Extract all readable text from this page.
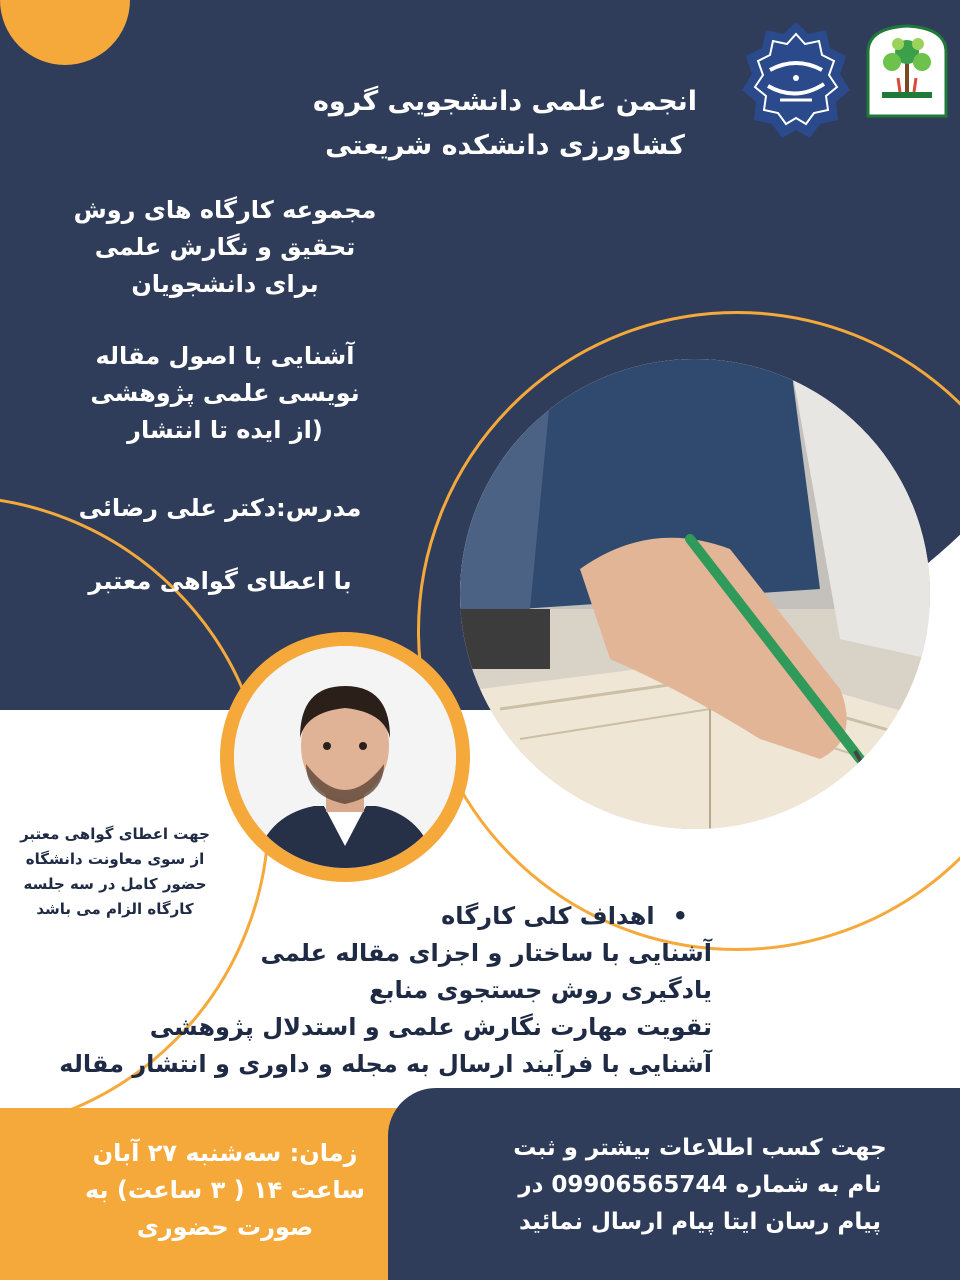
انجمن علمی دانشجویی گروه
کشاورزی دانشکده شریعتی
مجموعه کارگاه های روش
تحقیق و نگارش علمی
برای دانشجویان
آشنایی با اصول مقاله
نویسی علمی پژوهشی
(از ایده تا انتشار
مدرس:دکتر علی رضائی
با اعطای گواهی معتبر
جهت اعطای گواهی معتبر
از سوی معاونت دانشگاه
حضور کامل در سه جلسه
کارگاه الزام می باشد	•اهداف کلی کارگاه
آشنایی با ساختار و اجزای مقاله علمی
یادگیری روش جستجوی منابع
تقویت مهارت نگارش علمی و استدلال پژوهشی
آشنایی با فرآیند ارسال به مجله و داوری و انتشار مقاله
زمان: سه‌شنبه ۲۷ آبان
ساعت ۱۴ ( ۳ ساعت) به
صورت حضوری
جهت کسب اطلاعات بیشتر و ثبت
نام به شماره 09906565744 در
پیام رسان ایتا پیام ارسال نمائید
